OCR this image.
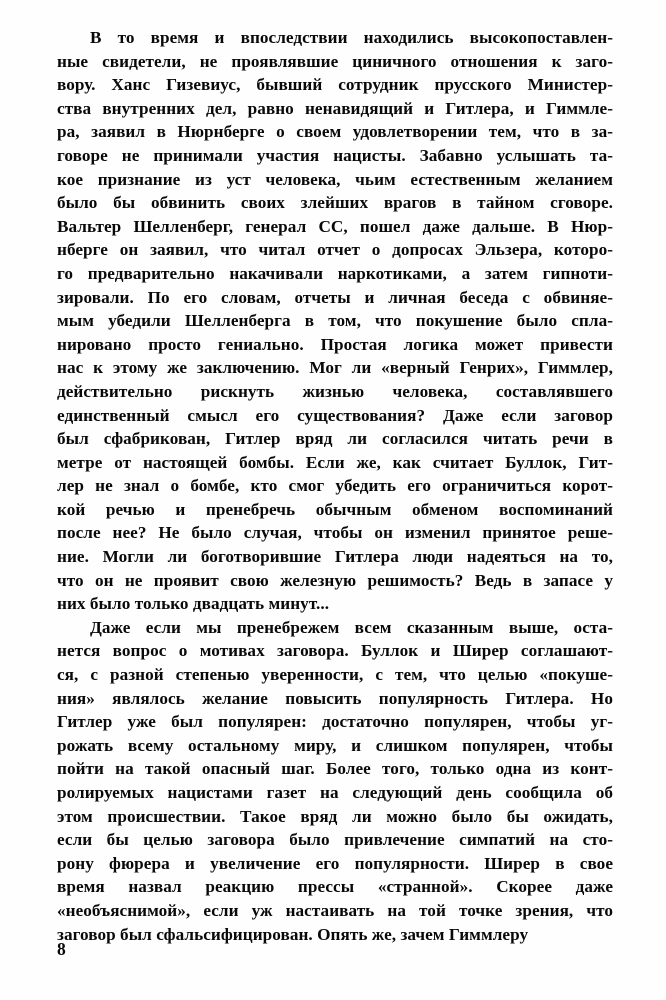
В то время и впоследствии находились высокопоставлен-
ные свидетели, не проявлявшие циничного отношения к заго-
вору. Ханс Гизевиус, бывший сотрудник прусского Министер-
ства внутренних дел, равно ненавидящий и Гитлера, и Гиммле-
ра, заявил в Нюрнберге о своем удовлетворении тем, что в за-
говоре не принимали участия нацисты. Забавно услышать та-
кое признание из уст человека, чьим естественным желанием
было бы обвинить своих злейших врагов в тайном сговоре.
Вальтер Шелленберг, генерал СС, пошел даже дальше. В Нюр-
нберге он заявил, что читал отчет о допросах Эльзера, которо-
го предварительно накачивали наркотиками, а затем гипноти-
зировали. По его словам, отчеты и личная беседа с обвиняе-
мым убедили Шелленберга в том, что покушение было спла-
нировано просто гениально. Простая логика может привести
нас к этому же заключению. Мог ли «верный Генрих», Гиммлер,
действительно рискнуть жизнью человека, составлявшего
единственный смысл его существования? Даже если заговор
был сфабрикован, Гитлер вряд ли согласился читать речи в
метре от настоящей бомбы. Если же, как считает Буллок, Гит-
лер не знал о бомбе, кто смог убедить его ограничиться корот-
кой речью и пренебречь обычным обменом воспоминаний
после нее? Не было случая, чтобы он изменил принятое реше-
ние. Могли ли боготворившие Гитлера люди надеяться на то,
что он не проявит свою железную решимость? Ведь в запасе у
них было только двадцать минут...
Даже если мы пренебрежем всем сказанным выше, оста-
нется вопрос о мотивах заговора. Буллок и Ширер соглашают-
ся, с разной степенью уверенности, с тем, что целью «покуше-
ния» являлось желание повысить популярность Гитлера. Но
Гитлер уже был популярен: достаточно популярен, чтобы уг-
рожать всему остальному миру, и слишком популярен, чтобы
пойти на такой опасный шаг. Более того, только одна из конт-
ролируемых нацистами газет на следующий день сообщила об
этом происшествии. Такое вряд ли можно было бы ожидать,
если бы целью заговора было привлечение симпатий на сто-
рону фюрера и увеличение его популярности. Ширер в свое
время назвал реакцию прессы «странной». Скорее даже
«необъяснимой», если уж настаивать на той точке зрения, что
заговор был сфальсифицирован. Опять же, зачем Гиммлеру
8
